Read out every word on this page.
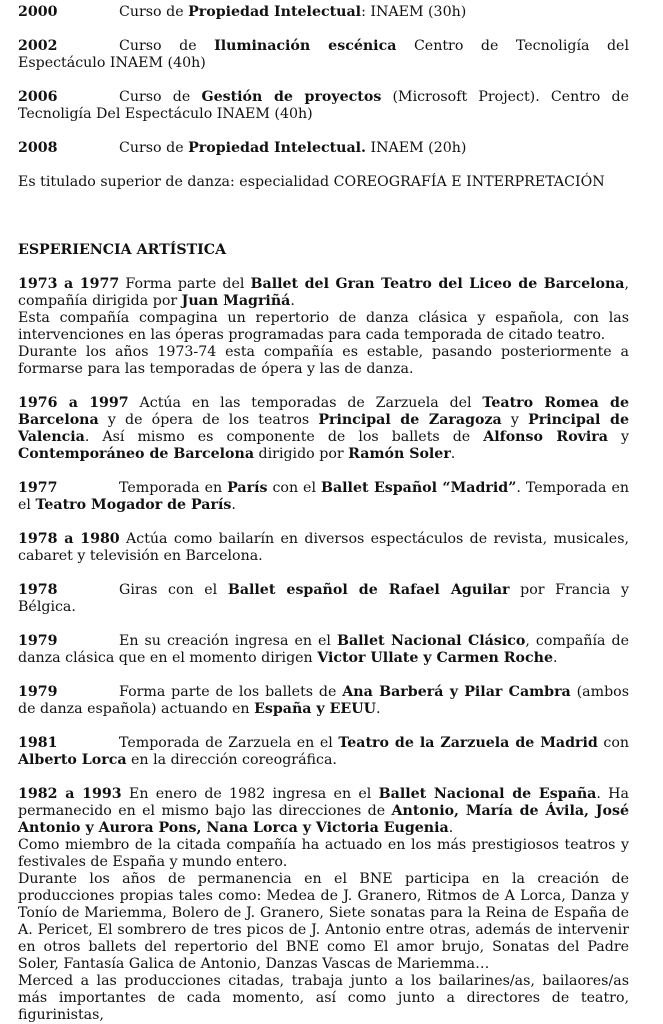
2000	Curso de Propiedad Intelectual: INAEM (30h)

2002	Curso de Iluminación escénica Centro de Tecnoligía del Espectáculo INAEM (40h)

2006	Curso de Gestión de proyectos (Microsoft Project). Centro de Tecnoligía Del Espectáculo INAEM (40h)

2008	Curso de Propiedad Intelectual. INAEM (20h)

Es titulado superior de danza: especialidad COREOGRAFÍA E INTERPRETACIÓN

ESPERIENCIA ARTÍSTICA

1973 a 1977 Forma parte del Ballet del Gran Teatro del Liceo de Barcelona, compañía dirigida por Juan Magriñá.

Esta compañía compagina un repertorio de danza clásica y española, con las intervenciones en las óperas programadas para cada temporada de citado teatro.

Durante los años 1973-74 esta compañía es estable, pasando posteriormente a formarse para las temporadas de ópera y las de danza.

1976 a 1997 Actúa en las temporadas de Zarzuela del Teatro Romea de Barcelona y de ópera de los teatros Principal de Zaragoza y Principal de Valencia. Así mismo es componente de los ballets de Alfonso Rovira y Contemporáneo de Barcelona dirigido por Ramón Soler.

1977	Temporada en París con el Ballet Español “Madrid”. Temporada en el Teatro Mogador de París.

1978 a 1980 Actúa como bailarín en diversos espectáculos de revista, musicales, cabaret y televisión en Barcelona.

1978	Giras con el Ballet español de Rafael Aguilar por Francia y Bélgica.

1979	En su creación ingresa en el Ballet Nacional Clásico, compañía de danza clásica que en el momento dirigen Victor Ullate y Carmen Roche.

1979	Forma parte de los ballets de Ana Barberá y Pilar Cambra (ambos de danza española) actuando en España y EEUU.

1981	Temporada de Zarzuela en el Teatro de la Zarzuela de Madrid con Alberto Lorca en la dirección coreográfica.

1982 a 1993 En enero de 1982 ingresa en el Ballet Nacional de España. Ha permanecido en el mismo bajo las direcciones de Antonio, María de Ávila, José Antonio y Aurora Pons, Nana Lorca y Victoria Eugenia.

Como miembro de la citada compañía ha actuado en los más prestigiosos teatros y festivales de España y mundo entero.

Durante los años de permanencia en el BNE participa en la creación de producciones propias tales como: Medea de J. Granero, Ritmos de A Lorca, Danza y Tonío de Mariemma, Bolero de J. Granero, Siete sonatas para la Reina de España de A. Pericet, El sombrero de tres picos de J. Antonio entre otras, además de intervenir en otros ballets del repertorio del BNE como El amor brujo, Sonatas del Padre Soler, Fantasía Galica de Antonio, Danzas Vascas de Mariemma…

Merced a las producciones citadas, trabaja junto a los bailarines/as, bailaores/as más importantes de cada momento, así como junto a directores de teatro, figurinistas,
